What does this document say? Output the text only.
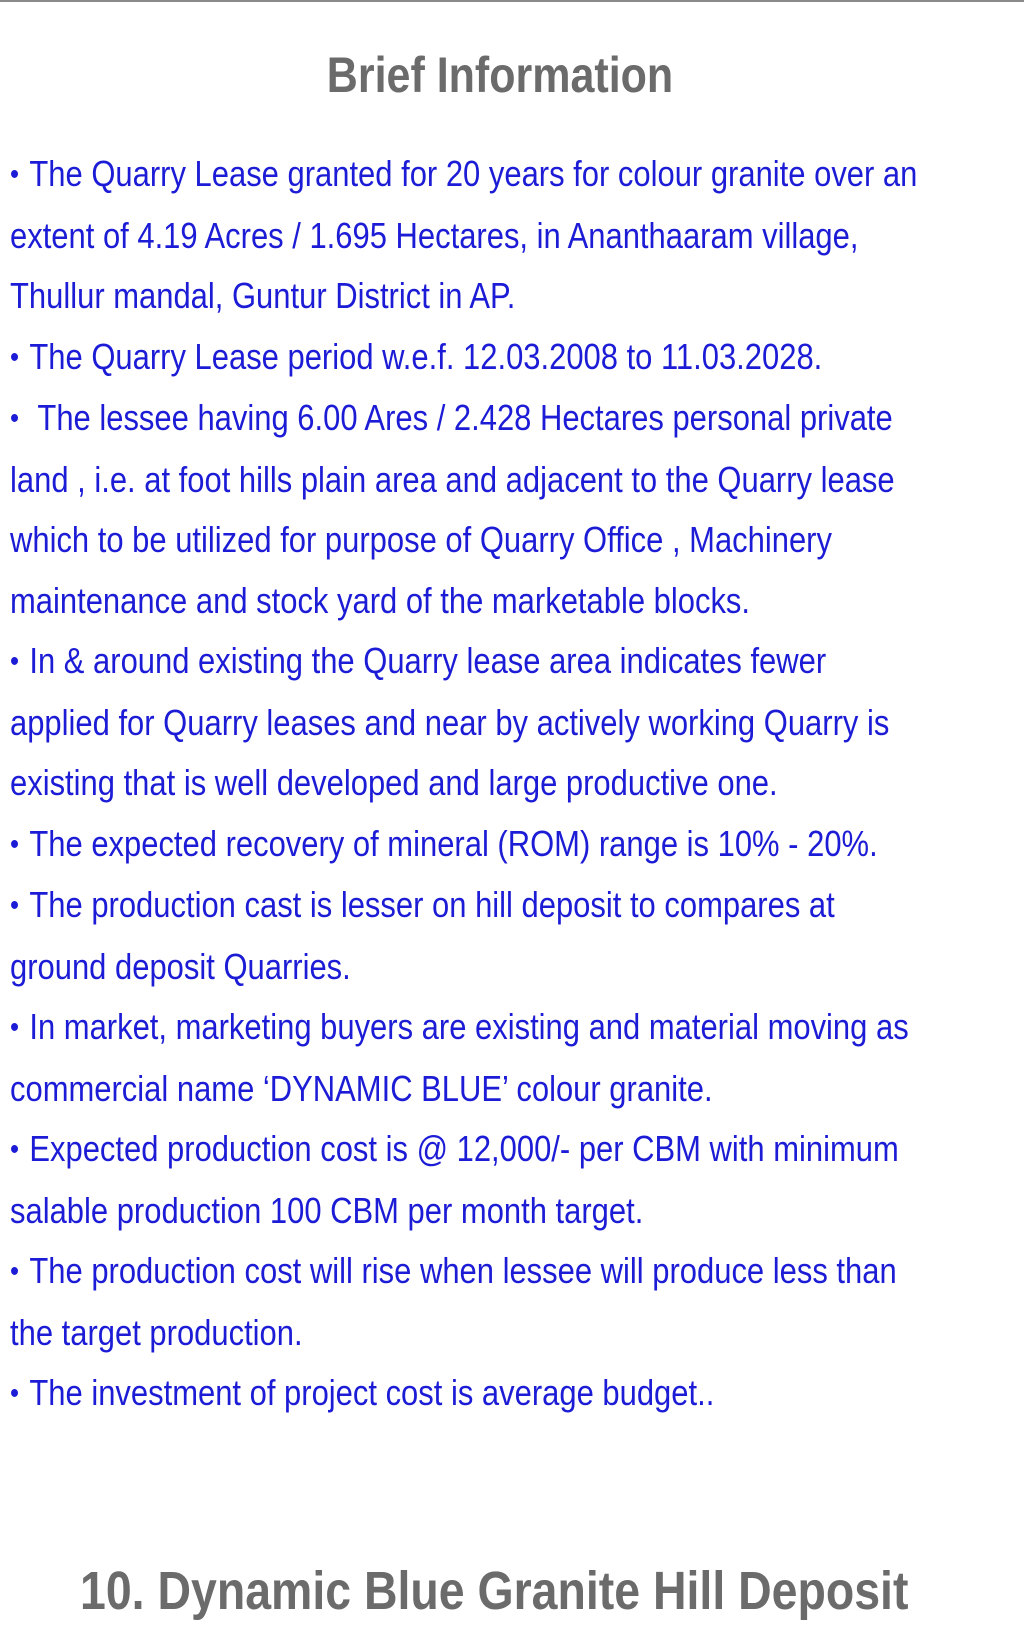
Brief Information
• The Quarry Lease granted for 20 years for colour granite over an
extent of 4.19 Acres / 1.695 Hectares, in Ananthaaram village,
Thullur mandal, Guntur District in AP.
• The Quarry Lease period w.e.f. 12.03.2008 to 11.03.2028.
• The lessee having 6.00 Ares / 2.428 Hectares personal private
land , i.e. at foot hills plain area and adjacent to the Quarry lease
which to be utilized for purpose of Quarry Office , Machinery
maintenance and stock yard of the marketable blocks.
• In & around existing the Quarry lease area indicates fewer
applied for Quarry leases and near by actively working Quarry is
existing that is well developed and large productive one.
• The expected recovery of mineral (ROM) range is 10% - 20%.
• The production cast is lesser on hill deposit to compares at
ground deposit Quarries.
• In market, marketing buyers are existing and material moving as
commercial name ‘DYNAMIC BLUE’ colour granite.
• Expected production cost is @ 12,000/- per CBM with minimum
salable production 100 CBM per month target.
• The production cost will rise when lessee will produce less than
the target production.
• The investment of project cost is average budget..
10. Dynamic Blue Granite Hill Deposit
